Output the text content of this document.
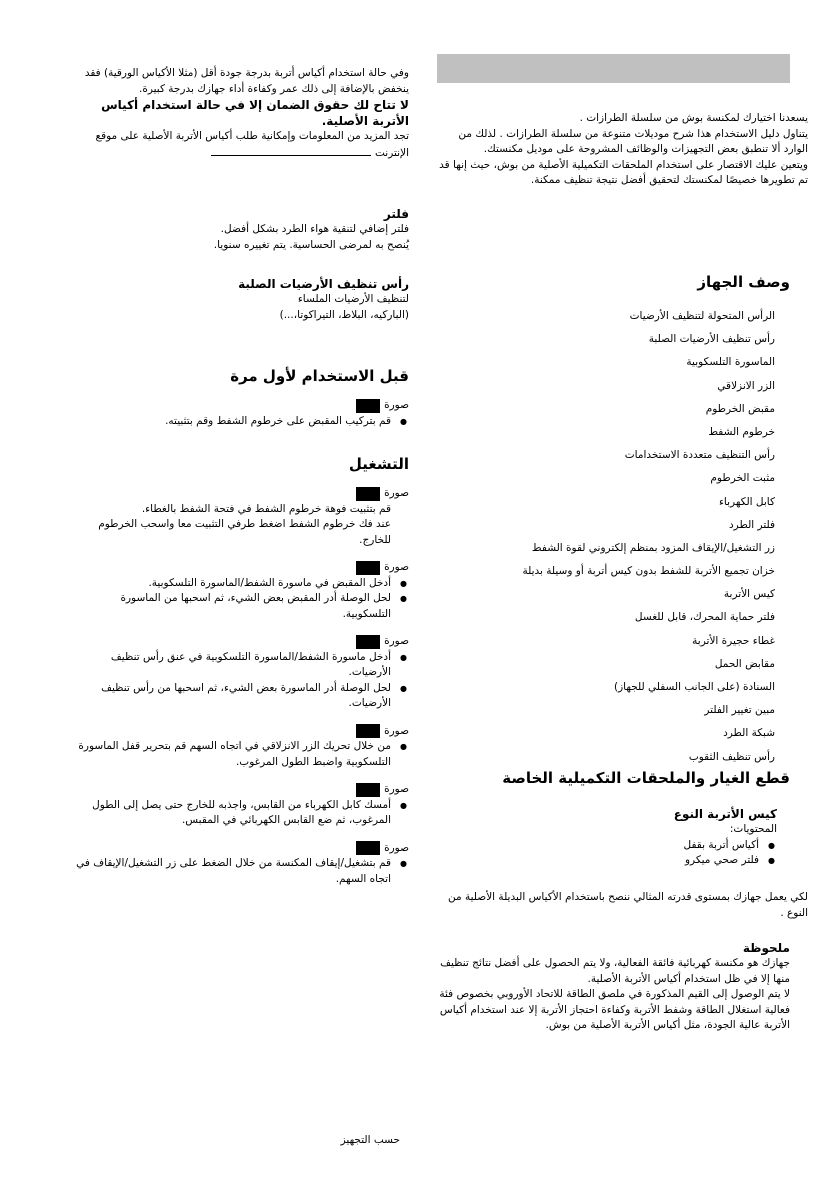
يسعدنا اختيارك لمكنسة بوش من سلسلة الطرازات .
يتناول دليل الاستخدام هذا شرح موديلات متنوعة من سلسلة الطرازات . لذلك من الوارد ألا تنطبق بعض التجهيزات والوظائف المشروحة على موديل مكنستك.
ويتعين عليك الاقتصار على استخدام الملحقات التكميلية الأصلية من بوش، حيث إنها قد تم تطويرها خصيصًا لمكنستك لتحقيق أفضل نتيجة تنظيف ممكنة.
وصف الجهاز
الرأس المتحولة لتنظيف الأرضيات
رأس تنظيف الأرضيات الصلبة
الماسورة التلسكوبية
الزر الانزلاقي
مقبض الخرطوم
خرطوم الشفط
رأس التنظيف متعددة الاستخدامات
مثبت الخرطوم
كابل الكهرباء
فلتر الطرد
زر التشغيل/الإيقاف المزود بمنظم إلكتروني لقوة الشفط
خزان تجميع الأتربة للشفط بدون كيس أتربة أو وسيلة بديلة
كيس الأتربة
فلتر حماية المحرك، قابل للغسل
غطاء حجيرة الأتربة
مقابض الحمل
السنادة (على الجانب السفلي للجهاز)
مبين تغيير الفلتر
شبكة الطرد
رأس تنظيف الثقوب
قطع الغيار والملحقات التكميلية الخاصة
كيس الأتربة النوع
المحتويات:
● أكياس أتربة بقفل
● فلتر صحي ميكرو
لكي يعمل جهازك بمستوى قدرته المثالي ننصح باستخدام الأكياس البديلة الأصلية من النوع .
ملحوظة
جهازك هو مكنسة كهربائية فائقة الفعالية، ولا يتم الحصول على أفضل نتائج تنظيف منها إلا في ظل استخدام أكياس الأتربة الأصلية.
لا يتم الوصول إلى القيم المذكورة في ملصق الطاقة للاتحاد الأوروبي بخصوص فئة فعالية استغلال الطاقة وشفط الأتربة وكفاءة احتجاز الأتربة إلا عند استخدام أكياس الأتربة عالية الجودة، مثل أكياس الأتربة الأصلية من بوش.
وفي حالة استخدام أكياس أتربة بدرجة جودة أقل (مثلا الأكياس الورقية) فقد ينخفض بالإضافة إلى ذلك عمر وكفاءة أداء جهازك بدرجة كبيرة.
لا تتاح لك حقوق الضمان إلا في حالة استخدام أكياس الأتربة الأصلية.
تجد المزيد من المعلومات وإمكانية طلب أكياس الأتربة الأصلية على موقع الإنترنت
فلتر
فلتر إضافي لتنقية هواء الطرد بشكل أفضل.
يُنصح به لمرضى الحساسية. يتم تغييره سنويا.
رأس تنظيف الأرضيات الصلبة
لتنظيف الأرضيات الملساء
(الباركيه، البلاط، التيراكوتا،...)
قبل الاستخدام لأول مرة
صورة
● قم بتركيب المقبض على خرطوم الشفط وقم بتثبيته.
التشغيل
صورة
قم بتثبيت فوهة خرطوم الشفط في فتحة الشفط بالغطاء.
عند فك خرطوم الشفط اضغط طرفي التثبيت معا واسحب الخرطوم للخارج.
صورة
● أدخل المقبض في ماسورة الشفط/الماسورة التلسكوبية.
● لحل الوصلة أدر المقبض بعض الشيء، ثم اسحبها من الماسورة التلسكوبية.
صورة
● أدخل ماسورة الشفط/الماسورة التلسكوبية في عنق رأس تنظيف الأرضيات.
● لحل الوصلة أدر الماسورة بعض الشيء، ثم اسحبها من رأس تنظيف الأرضيات.
صورة
● من خلال تحريك الزر الانزلاقي في اتجاه السهم قم بتحرير قفل الماسورة التلسكوبية واضبط الطول المرغوب.
صورة
● أمسك كابل الكهرباء من القابس، واجذبه للخارج حتى يصل إلى الطول المرغوب، ثم ضع القابس الكهربائي في المقبس.
صورة
● قم بتشغيل/إيقاف المكنسة من خلال الضغط على زر التشغيل/الإيقاف في اتجاه السهم.
حسب التجهيز
